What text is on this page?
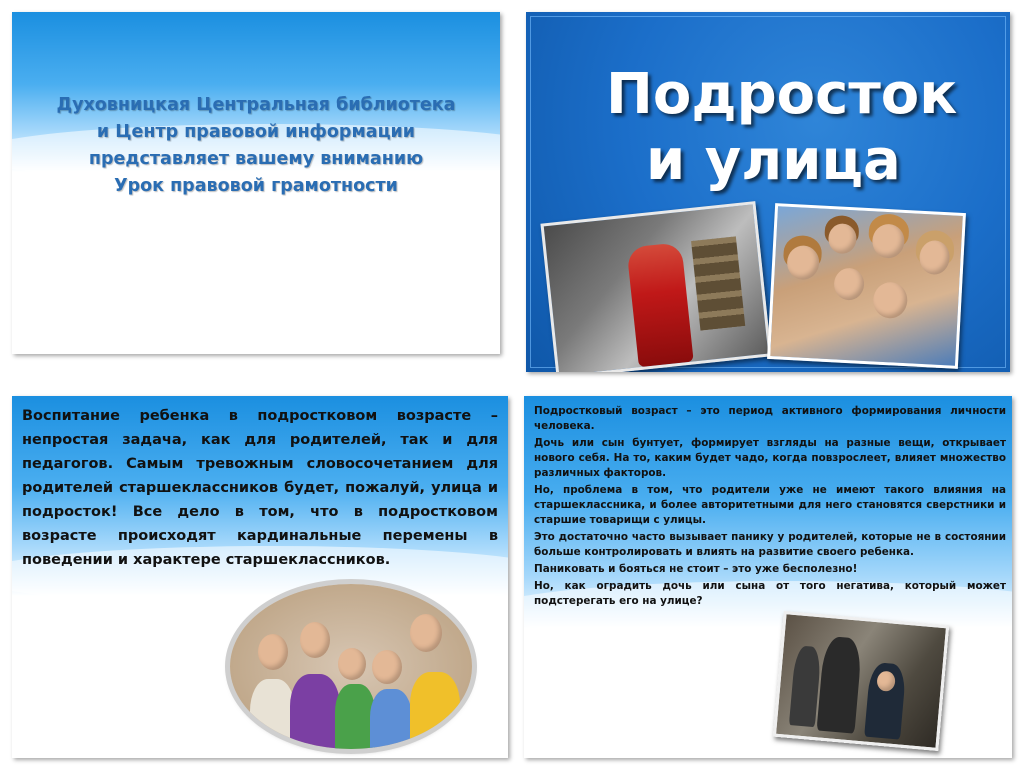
Духовницкая Центральная библиотека
и Центр правовой информации
представляет вашему вниманию
Урок правовой грамотности
Подросток
и улица
Воспитание ребенка в подростковом возрасте – непростая задача, как для родителей, так и для педагогов. Самым тревожным словосочетанием для родителей старшеклассников будет, пожалуй, улица и подросток! Все дело в том, что в подростковом возрасте происходят кардинальные перемены в поведении и характере старшеклассников.

Подростковый возраст – это период активного формирования личности человека.

Дочь или сын бунтует, формирует взгляды на разные вещи, открывает нового себя. На то, каким будет чадо, когда повзрослеет, влияет множество различных факторов.

Но, проблема в том, что родители уже не имеют такого влияния на старшеклассника, и более авторитетными для него становятся сверстники и старшие товарищи с улицы.

Это достаточно часто вызывает панику у родителей, которые не в состоянии больше контролировать и влиять на развитие своего ребенка.

Паниковать и бояться не стоит – это уже бесполезно!

Но, как оградить дочь или сына от того негатива, который может подстерегать его на улице?
